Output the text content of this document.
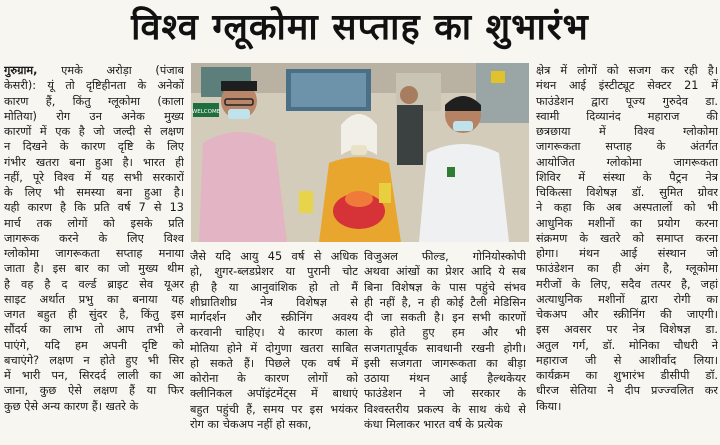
विश्व ग्लूकोमा सप्ताह का शुभारंभ
गुरुग्राम, एमके अरोड़ा (पंजाब
केसरी): यूं तो दृष्टिहीनता के अनेकों
कारण हैं, किंतु ग्लूकोमा (काला
मोतिया) रोग उन अनेक मुख्य
कारणों में एक है जो जल्दी से लक्षण
न दिखने के कारण दृष्टि के लिए
गंभीर खतरा बना हुआ है। भारत ही
नहीं, पूरे विश्व में यह सभी सरकारों
के लिए भी समस्या बना हुआ है।
यही कारण है कि प्रति वर्ष 7 से 13
मार्च तक लोगों को इसके प्रति
जागरूक करने के लिए विश्व
ग्लोकोमा जागरूकता सप्ताह मनाया
जाता है। इस बार का जो मुख्य थीम
है वह है द वर्ल्ड ब्राइट सेव यूअर
साइट अर्थात प्रभु का बनाया यह
जगत बहुत ही सुंदर है, किंतु इस
सौंदर्य का लाभ तो आप तभी ले
पाएंगे, यदि हम अपनी दृष्टि को
बचाएंगे? लक्षण न होते हुए भी सिर
में भारी पन, सिरदर्द लाली का आ
जाना, कुछ ऐसे लक्षण हैं या फिर
कुछ ऐसे अन्य कारण हैं। खतरे के
WELCOME
जैसे यदि आयु 45 वर्ष से अधिक
हो, शुगर-ब्लडप्रेशर या पुरानी चोट
ही है या आनुवांशिक हो तो मैं
शीघ्रातिशीघ्र नेत्र विशेषज्ञ से
मार्गदर्शन और स्क्रीनिंग अवश्य
करवानी चाहिए। ये कारण काला
मोतिया होने में दोगुणा खतरा साबित
हो सकते हैं। पिछले एक वर्ष में
कोरोना के कारण लोगों को
क्लीनिकल अपॉइंटमेंट्स में बाधाएं
बहुत पहुंची हैं, समय पर इस भयंकर
रोग का चेकअप नहीं हो सका,
विजुअल फील्ड, गोनियोस्कोपी
अथवा आंखों का प्रेशर आदि ये सब
बिना विशेषज्ञ के पास पहुंचे संभव
ही नहीं है, न ही कोई टैली मेडिसिन
दी जा सकती है। इन सभी कारणों
के होते हुए हम और भी
सजगतापूर्वक सावधानी रखनी होगी।
इसी सजगता जागरूकता का बीड़ा
उठाया मंथन आई हैल्थकेयर
फाउंडेशन ने जो सरकार के
विश्वस्तरीय प्रकल्प के साथ कंधे से
कंधा मिलाकर भारत वर्ष के प्रत्येक
क्षेत्र में लोगों को सजग कर रही है।
मंथन आई इंस्टीट्यूट सेक्टर 21 में
फाउंडेशन द्वारा पूज्य गुरुदेव डा.
स्वामी दिव्यानंद महाराज की
छत्रछाया में विश्व ग्लोकोमा
जागरूकता सप्ताह के अंतर्गत
आयोजित ग्लोकोमा जागरूकता
शिविर में संस्था के पैट्रन नेत्र
चिकित्सा विशेषज्ञ डॉ. सुमित ग्रोवर
ने कहा कि अब अस्पतालों को भी
आधुनिक मशीनों का प्रयोग करना
संक्रमण के खतरे को समाप्त करना
होगा। मंथन आई संस्थान जो
फाउंडेशन का ही अंग है, ग्लूकोमा
मरीजों के लिए, सदैव तत्पर है, जहां
अत्याधुनिक मशीनों द्वारा रोगी का
चेकअप और स्क्रीनिंग की जाएगी।
इस अवसर पर नेत्र विशेषज्ञ डा.
अतुल गर्ग, डॉ. मोनिका चौधरी ने
महाराज जी से आशीर्वाद लिया।
कार्यक्रम का शुभारंभ डीसीपी डॉ.
धीरज सेतिया ने दीप प्रज्ज्वलित कर
किया।
